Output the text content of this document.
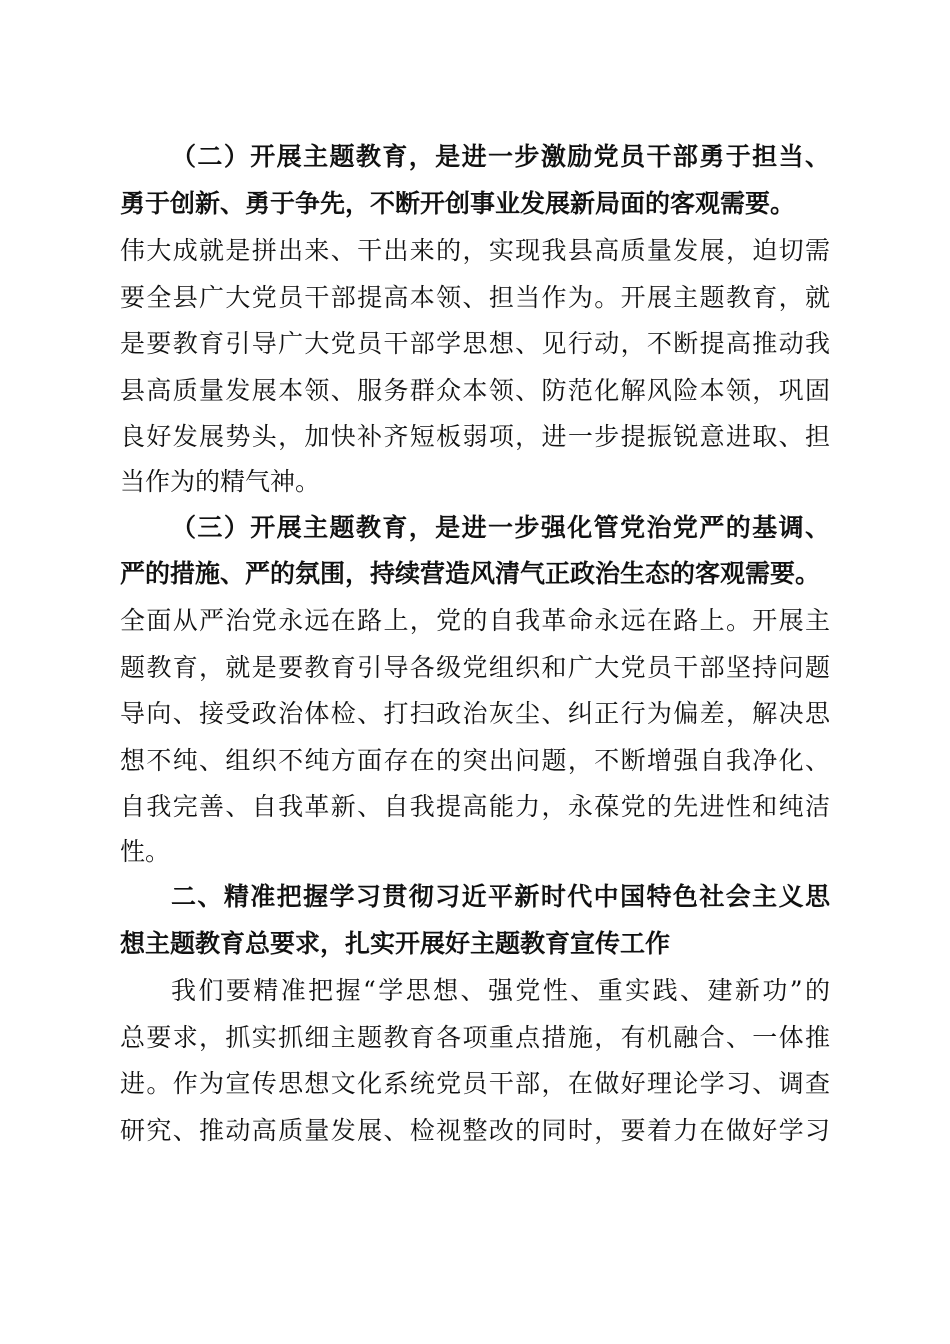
（二）开展主题教育，是进一步激励党员干部勇于担当、
勇于创新、勇于争先，不断开创事业发展新局面的客观需要。
伟大成就是拼出来、干出来的，实现我县高质量发展，迫切需
要全县广大党员干部提高本领、担当作为。开展主题教育，就
是要教育引导广大党员干部学思想、见行动，不断提高推动我
县高质量发展本领、服务群众本领、防范化解风险本领，巩固
良好发展势头，加快补齐短板弱项，进一步提振锐意进取、担
当作为的精气神。
（三）开展主题教育，是进一步强化管党治党严的基调、
严的措施、严的氛围，持续营造风清气正政治生态的客观需要。
全面从严治党永远在路上，党的自我革命永远在路上。开展主
题教育，就是要教育引导各级党组织和广大党员干部坚持问题
导向、接受政治体检、打扫政治灰尘、纠正行为偏差，解决思
想不纯、组织不纯方面存在的突出问题，不断增强自我净化、
自我完善、自我革新、自我提高能力，永葆党的先进性和纯洁
性。
二、精准把握学习贯彻习近平新时代中国特色社会主义思
想主题教育总要求，扎实开展好主题教育宣传工作
我们要精准把握“学思想、强党性、重实践、建新功”的
总要求，抓实抓细主题教育各项重点措施，有机融合、一体推
进。作为宣传思想文化系统党员干部，在做好理论学习、调查
研究、推动高质量发展、检视整改的同时，要着力在做好学习
